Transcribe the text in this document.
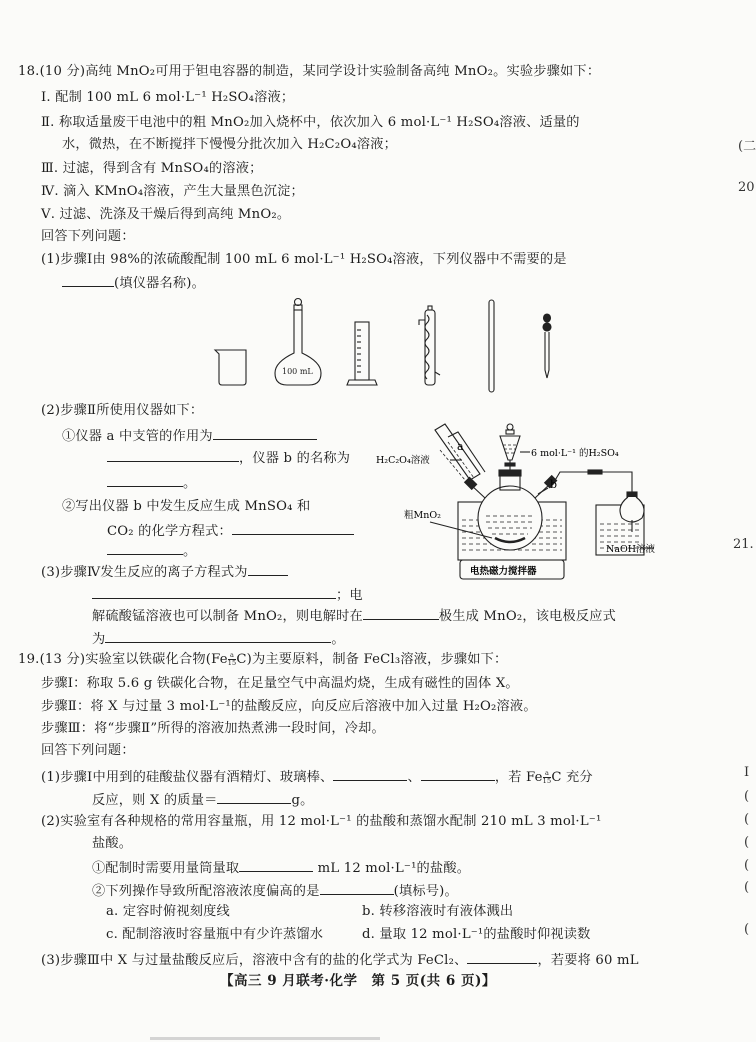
18.(10 分)高纯 MnO₂可用于钽电容器的制造，某同学设计实验制备高纯 MnO₂。实验步骤如下：
Ⅰ. 配制 100 mL 6 mol·L⁻¹ H₂SO₄溶液；
Ⅱ. 称取适量废干电池中的粗 MnO₂加入烧杯中，依次加入 6 mol·L⁻¹ H₂SO₄溶液、适量的
水，微热，在不断搅拌下慢慢分批次加入 H₂C₂O₄溶液；
Ⅲ. 过滤，得到含有 MnSO₄的溶液；
Ⅳ. 滴入 KMnO₄溶液，产生大量黑色沉淀；
Ⅴ. 过滤、洗涤及干燥后得到高纯 MnO₂。
回答下列问题：
(1)步骤Ⅰ由 98%的浓硫酸配制 100 mL 6 mol·L⁻¹ H₂SO₄溶液，下列仪器中不需要的是
(填仪器名称)。
100 mL
(2)步骤Ⅱ所使用仪器如下：
①仪器 a 中支管的作用为
，仪器 b 的名称为
。
②写出仪器 b 中发生反应生成 MnSO₄ 和
CO₂ 的化学方程式：
。
a
b
6 mol·L⁻¹ 的H₂SO₄
H₂C₂O₄溶液
粗MnO₂
NaOH溶液
电热磁力搅拌器
(3)步骤Ⅳ发生反应的离子方程式为
；电
解硫酸锰溶液也可以制备 MnO₂，则电解时在	极生成 MnO₂，该电极反应式
为	。
19.(13 分)实验室以铁碳化合物$(Fe \frac{a}{15} C)$为主要原料，制备 FeCl₃溶液，步骤如下：
步骤Ⅰ：称取 5.6 g 铁碳化合物，在足量空气中高温灼烧，生成有磁性的固体 X。
步骤Ⅱ：将 X 与过量 3 mol·L⁻¹的盐酸反应，向反应后溶液中加入过量 H₂O₂溶液。
步骤Ⅲ：将“步骤Ⅱ”所得的溶液加热煮沸一段时间，冷却。
回答下列问题：
(1)步骤Ⅰ中用到的硅酸盐仪器有酒精灯、玻璃棒、	、	，若 Fe $\frac{a}{15}$ C 充分
反应，则 X 的质量＝	g。
(2)实验室有各种规格的常用容量瓶，用 12 mol·L⁻¹ 的盐酸和蒸馏水配制 210 mL 3 mol·L⁻¹
盐酸。
①配制时需要用量筒量取	mL 12 mol·L⁻¹的盐酸。
②下列操作导致所配溶液浓度偏高的是	(填标号)。
a. 定容时俯视刻度线	b. 转移溶液时有液体溅出
c. 配制溶液时容量瓶中有少许蒸馏水	d. 量取 12 mol·L⁻¹的盐酸时仰视读数
(3)步骤Ⅲ中 X 与过量盐酸反应后，溶液中含有的盐的化学式为 FeCl₂、	，若要将 60 mL
【高三 9 月联考·化学　第 5 页(共 6 页)】
(二
20
21.
I
(
(
(
(
(
(
